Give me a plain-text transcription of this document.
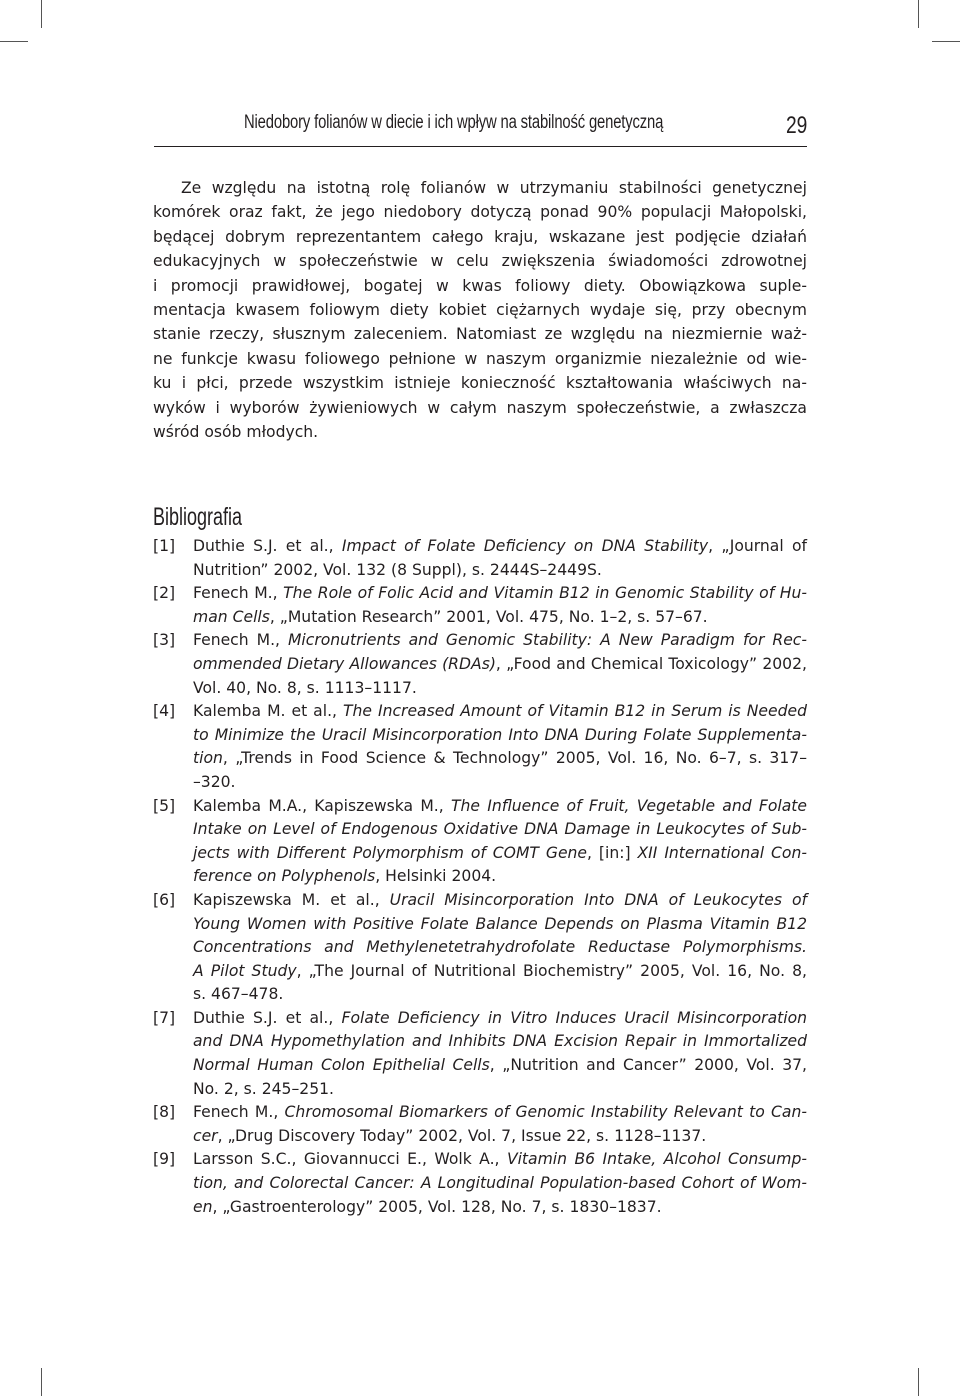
Niedobory folianów w diecie i ich wpływ na stabilność genetyczną	29
Ze względu na istotną rolę folianów w utrzymaniu stabilności genetycznej
komórek oraz fakt, że jego niedobory dotyczą ponad 90% populacji Małopolski,
będącej dobrym reprezentantem całego kraju, wskazane jest podjęcie działań
edukacyjnych w społeczeństwie w celu zwiększenia świadomości zdrowotnej
i promocji prawidłowej, bogatej w kwas foliowy diety. Obowiązkowa suple-
mentacja kwasem foliowym diety kobiet ciężarnych wydaje się, przy obecnym
stanie rzeczy, słusznym zaleceniem. Natomiast ze względu na niezmiernie waż-
ne funkcje kwasu foliowego pełnione w naszym organizmie niezależnie od wie-
ku i płci, przede wszystkim istnieje konieczność kształtowania właściwych na-
wyków i wyborów żywieniowych w całym naszym społeczeństwie, a zwłaszcza
wśród osób młodych.
Bibliografia
[1] Duthie S.J. et al., Impact of Folate Deficiency on DNA Stability, „Journal of
Nutrition” 2002, Vol. 132 (8 Suppl), s. 2444S–2449S.
[2] Fenech M., The Role of Folic Acid and Vitamin B12 in Genomic Stability of Hu-
man Cells, „Mutation Research” 2001, Vol. 475, No. 1–2, s. 57–67.
[3] Fenech M., Micronutrients and Genomic Stability: A New Paradigm for Rec-
ommended Dietary Allowances (RDAs), „Food and Chemical Toxicology” 2002,
Vol. 40, No. 8, s. 1113–1117.
[4] Kalemba M. et al., The Increased Amount of Vitamin B12 in Serum is Needed
to Minimize the Uracil Misincorporation Into DNA During Folate Supplementa-
tion, „Trends in Food Science & Technology” 2005, Vol. 16, No. 6–7, s. 317–
–320.
[5] Kalemba M.A., Kapiszewska M., The Influence of Fruit, Vegetable and Folate
Intake on Level of Endogenous Oxidative DNA Damage in Leukocytes of Sub-
jects with Different Polymorphism of COMT Gene, [in:] XII International Con-
ference on Polyphenols, Helsinki 2004.
[6] Kapiszewska M. et al., Uracil Misincorporation Into DNA of Leukocytes of
Young Women with Positive Folate Balance Depends on Plasma Vitamin B12
Concentrations and Methylenetetrahydrofolate Reductase Polymorphisms.
A Pilot Study, „The Journal of Nutritional Biochemistry” 2005, Vol. 16, No. 8,
s. 467–478.
[7] Duthie S.J. et al., Folate Deficiency in Vitro Induces Uracil Misincorporation
and DNA Hypomethylation and Inhibits DNA Excision Repair in Immortalized
Normal Human Colon Epithelial Cells, „Nutrition and Cancer” 2000, Vol. 37,
No. 2, s. 245–251.
[8] Fenech M., Chromosomal Biomarkers of Genomic Instability Relevant to Can-
cer, „Drug Discovery Today” 2002, Vol. 7, Issue 22, s. 1128–1137.
[9] Larsson S.C., Giovannucci E., Wolk A., Vitamin B6 Intake, Alcohol Consump-
tion, and Colorectal Cancer: A Longitudinal Population-based Cohort of Wom-
en, „Gastroenterology” 2005, Vol. 128, No. 7, s. 1830–1837.
